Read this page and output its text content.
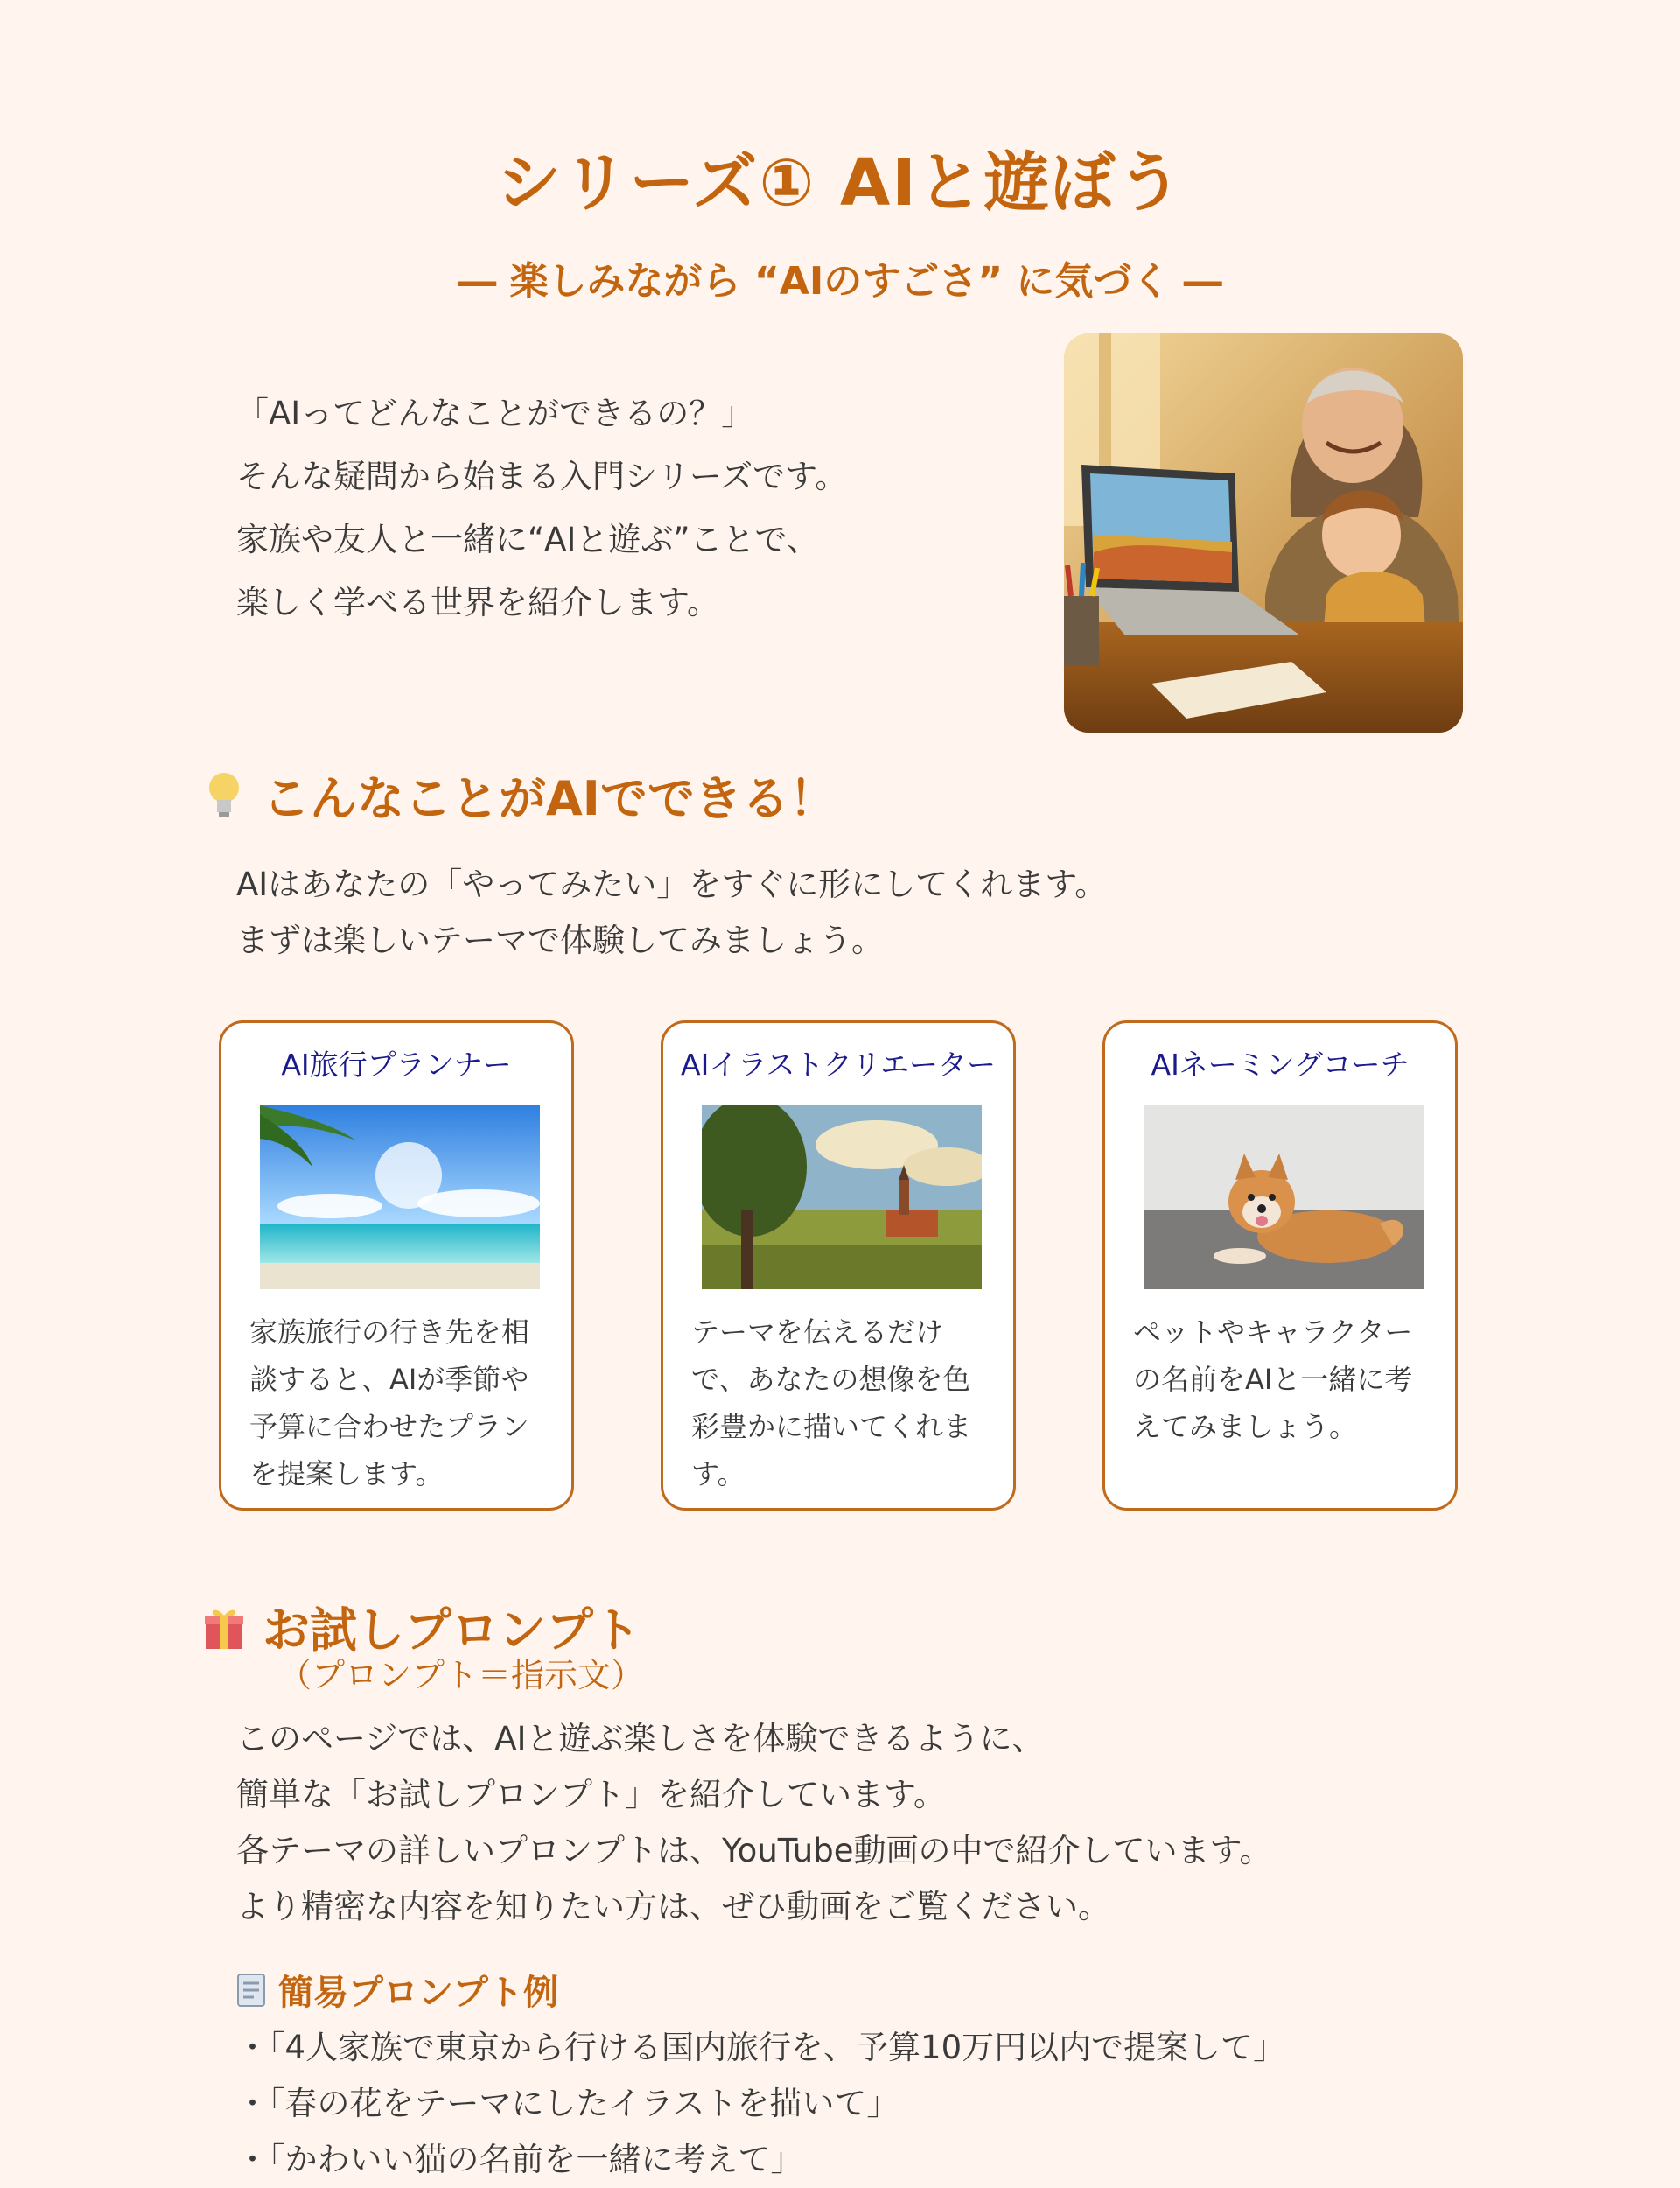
シリーズ① AIと遊ぼう
― 楽しみながら “AIのすごさ” に気づく ―
「AIってどんなことができるの？」
そんな疑問から始まる入門シリーズです。
家族や友人と一緒に“AIと遊ぶ”ことで、
楽しく学べる世界を紹介します。
こんなことがAIでできる！
AIはあなたの「やってみたい」をすぐに形にしてくれます。
まずは楽しいテーマで体験してみましょう。
AI旅行プランナー
家族旅行の行き先を相談すると、AIが季節や予算に合わせたプランを提案します。
AIイラストクリエーター
テーマを伝えるだけで、あなたの想像を色彩豊かに描いてくれます。
AIネーミングコーチ
ペットやキャラクターの名前をAIと一緒に考えてみましょう。
お試しプロンプト
（プロンプト＝指示文）
このページでは、AIと遊ぶ楽しさを体験できるように、
簡単な「お試しプロンプト」を紹介しています。
各テーマの詳しいプロンプトは、YouTube動画の中で紹介しています。
より精密な内容を知りたい方は、ぜひ動画をご覧ください。
簡易プロンプト例
・「4人家族で東京から行ける国内旅行を、予算10万円以内で提案して」
・「春の花をテーマにしたイラストを描いて」
・「かわいい猫の名前を一緒に考えて」
